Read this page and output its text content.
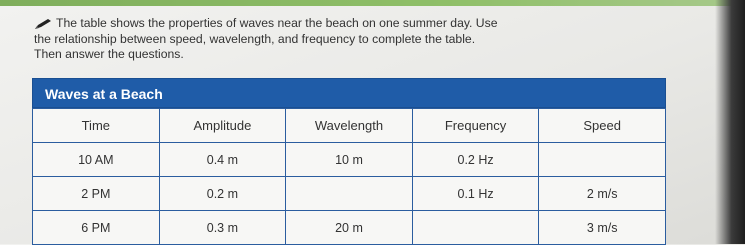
The table shows the properties of waves near the beach on one summer day. Use the relationship between speed, wavelength, and frequency to complete the table. Then answer the questions.
Waves at a Beach
Time	Amplitude	Wavelength	Frequency	Speed
10 AM	0.4 m	10 m	0.2 Hz	
2 PM	0.2 m		0.1 Hz	2 m/s
6 PM	0.3 m	20 m		3 m/s
